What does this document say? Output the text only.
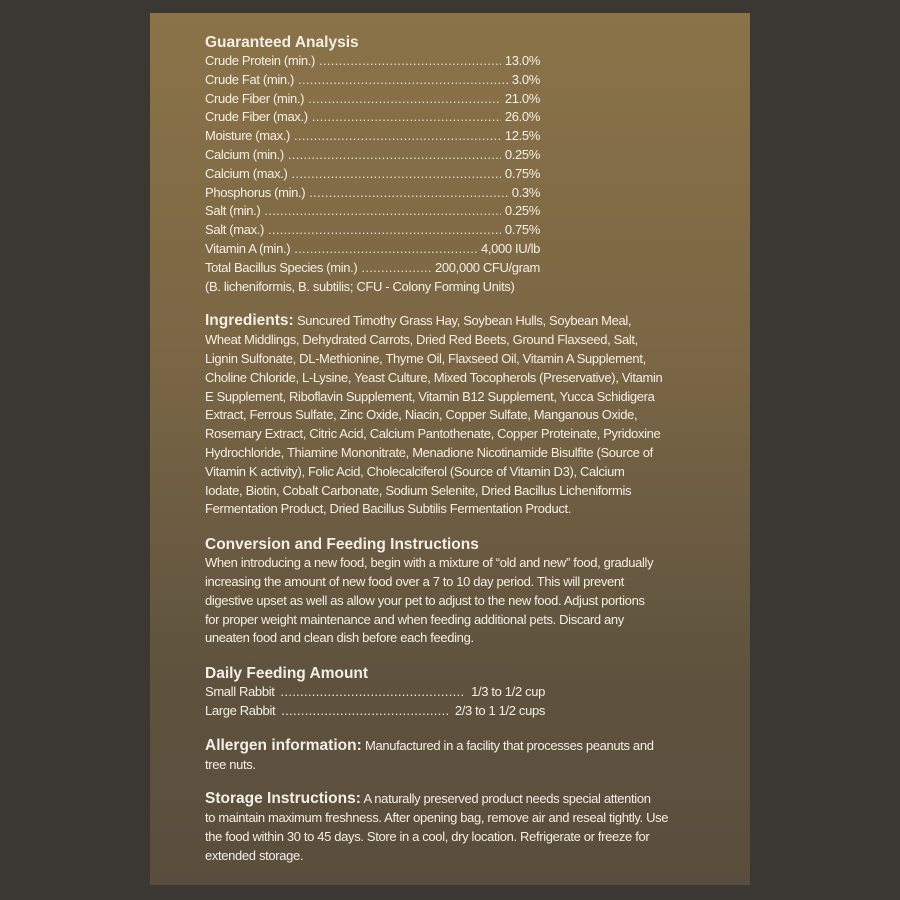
Guaranteed Analysis
Crude Protein (min.) .....	13.0%
Crude Fat (min.) .....	3.0%
Crude Fiber (min.) .....	21.0%
Crude Fiber (max.) .....	26.0%
Moisture (max.) .....	12.5%
Calcium (min.) .....	0.25%
Calcium (max.) .....	0.75%
Phosphorus (min.) .....	0.3%
Salt (min.) .....	0.25%
Salt (max.) .....	0.75%
Vitamin A (min.) .....	4,000 IU/lb
Total Bacillus Species (min.) .....	200,000 CFU/gram
(B. licheniformis, B. subtilis; CFU - Colony Forming Units)
Ingredients: Suncured Timothy Grass Hay, Soybean Hulls, Soybean Meal,
Wheat Middlings, Dehydrated Carrots, Dried Red Beets, Ground Flaxseed, Salt,
Lignin Sulfonate, DL-Methionine, Thyme Oil, Flaxseed Oil, Vitamin A Supplement,
Choline Chloride, L-Lysine, Yeast Culture, Mixed Tocopherols (Preservative), Vitamin
E Supplement, Riboflavin Supplement, Vitamin B12 Supplement, Yucca Schidigera
Extract, Ferrous Sulfate, Zinc Oxide, Niacin, Copper Sulfate, Manganous Oxide,
Rosemary Extract, Citric Acid, Calcium Pantothenate, Copper Proteinate, Pyridoxine
Hydrochloride, Thiamine Mononitrate, Menadione Nicotinamide Bisulfite (Source of
Vitamin K activity), Folic Acid, Cholecalciferol (Source of Vitamin D3), Calcium
Iodate, Biotin, Cobalt Carbonate, Sodium Selenite, Dried Bacillus Licheniformis
Fermentation Product, Dried Bacillus Subtilis Fermentation Product.
Conversion and Feeding Instructions
When introducing a new food, begin with a mixture of “old and new” food, gradually
increasing the amount of new food over a 7 to 10 day period. This will prevent
digestive upset as well as allow your pet to adjust to the new food. Adjust portions
for proper weight maintenance and when feeding additional pets. Discard any
uneaten food and clean dish before each feeding.
Daily Feeding Amount
Small Rabbit .....	1/3 to 1/2 cup
Large Rabbit .....	2/3 to 1 1/2 cups
Allergen information: Manufactured in a facility that processes peanuts and
tree nuts.
Storage Instructions: A naturally preserved product needs special attention
to maintain maximum freshness. After opening bag, remove air and reseal tightly. Use
the food within 30 to 45 days. Store in a cool, dry location. Refrigerate or freeze for
extended storage.
